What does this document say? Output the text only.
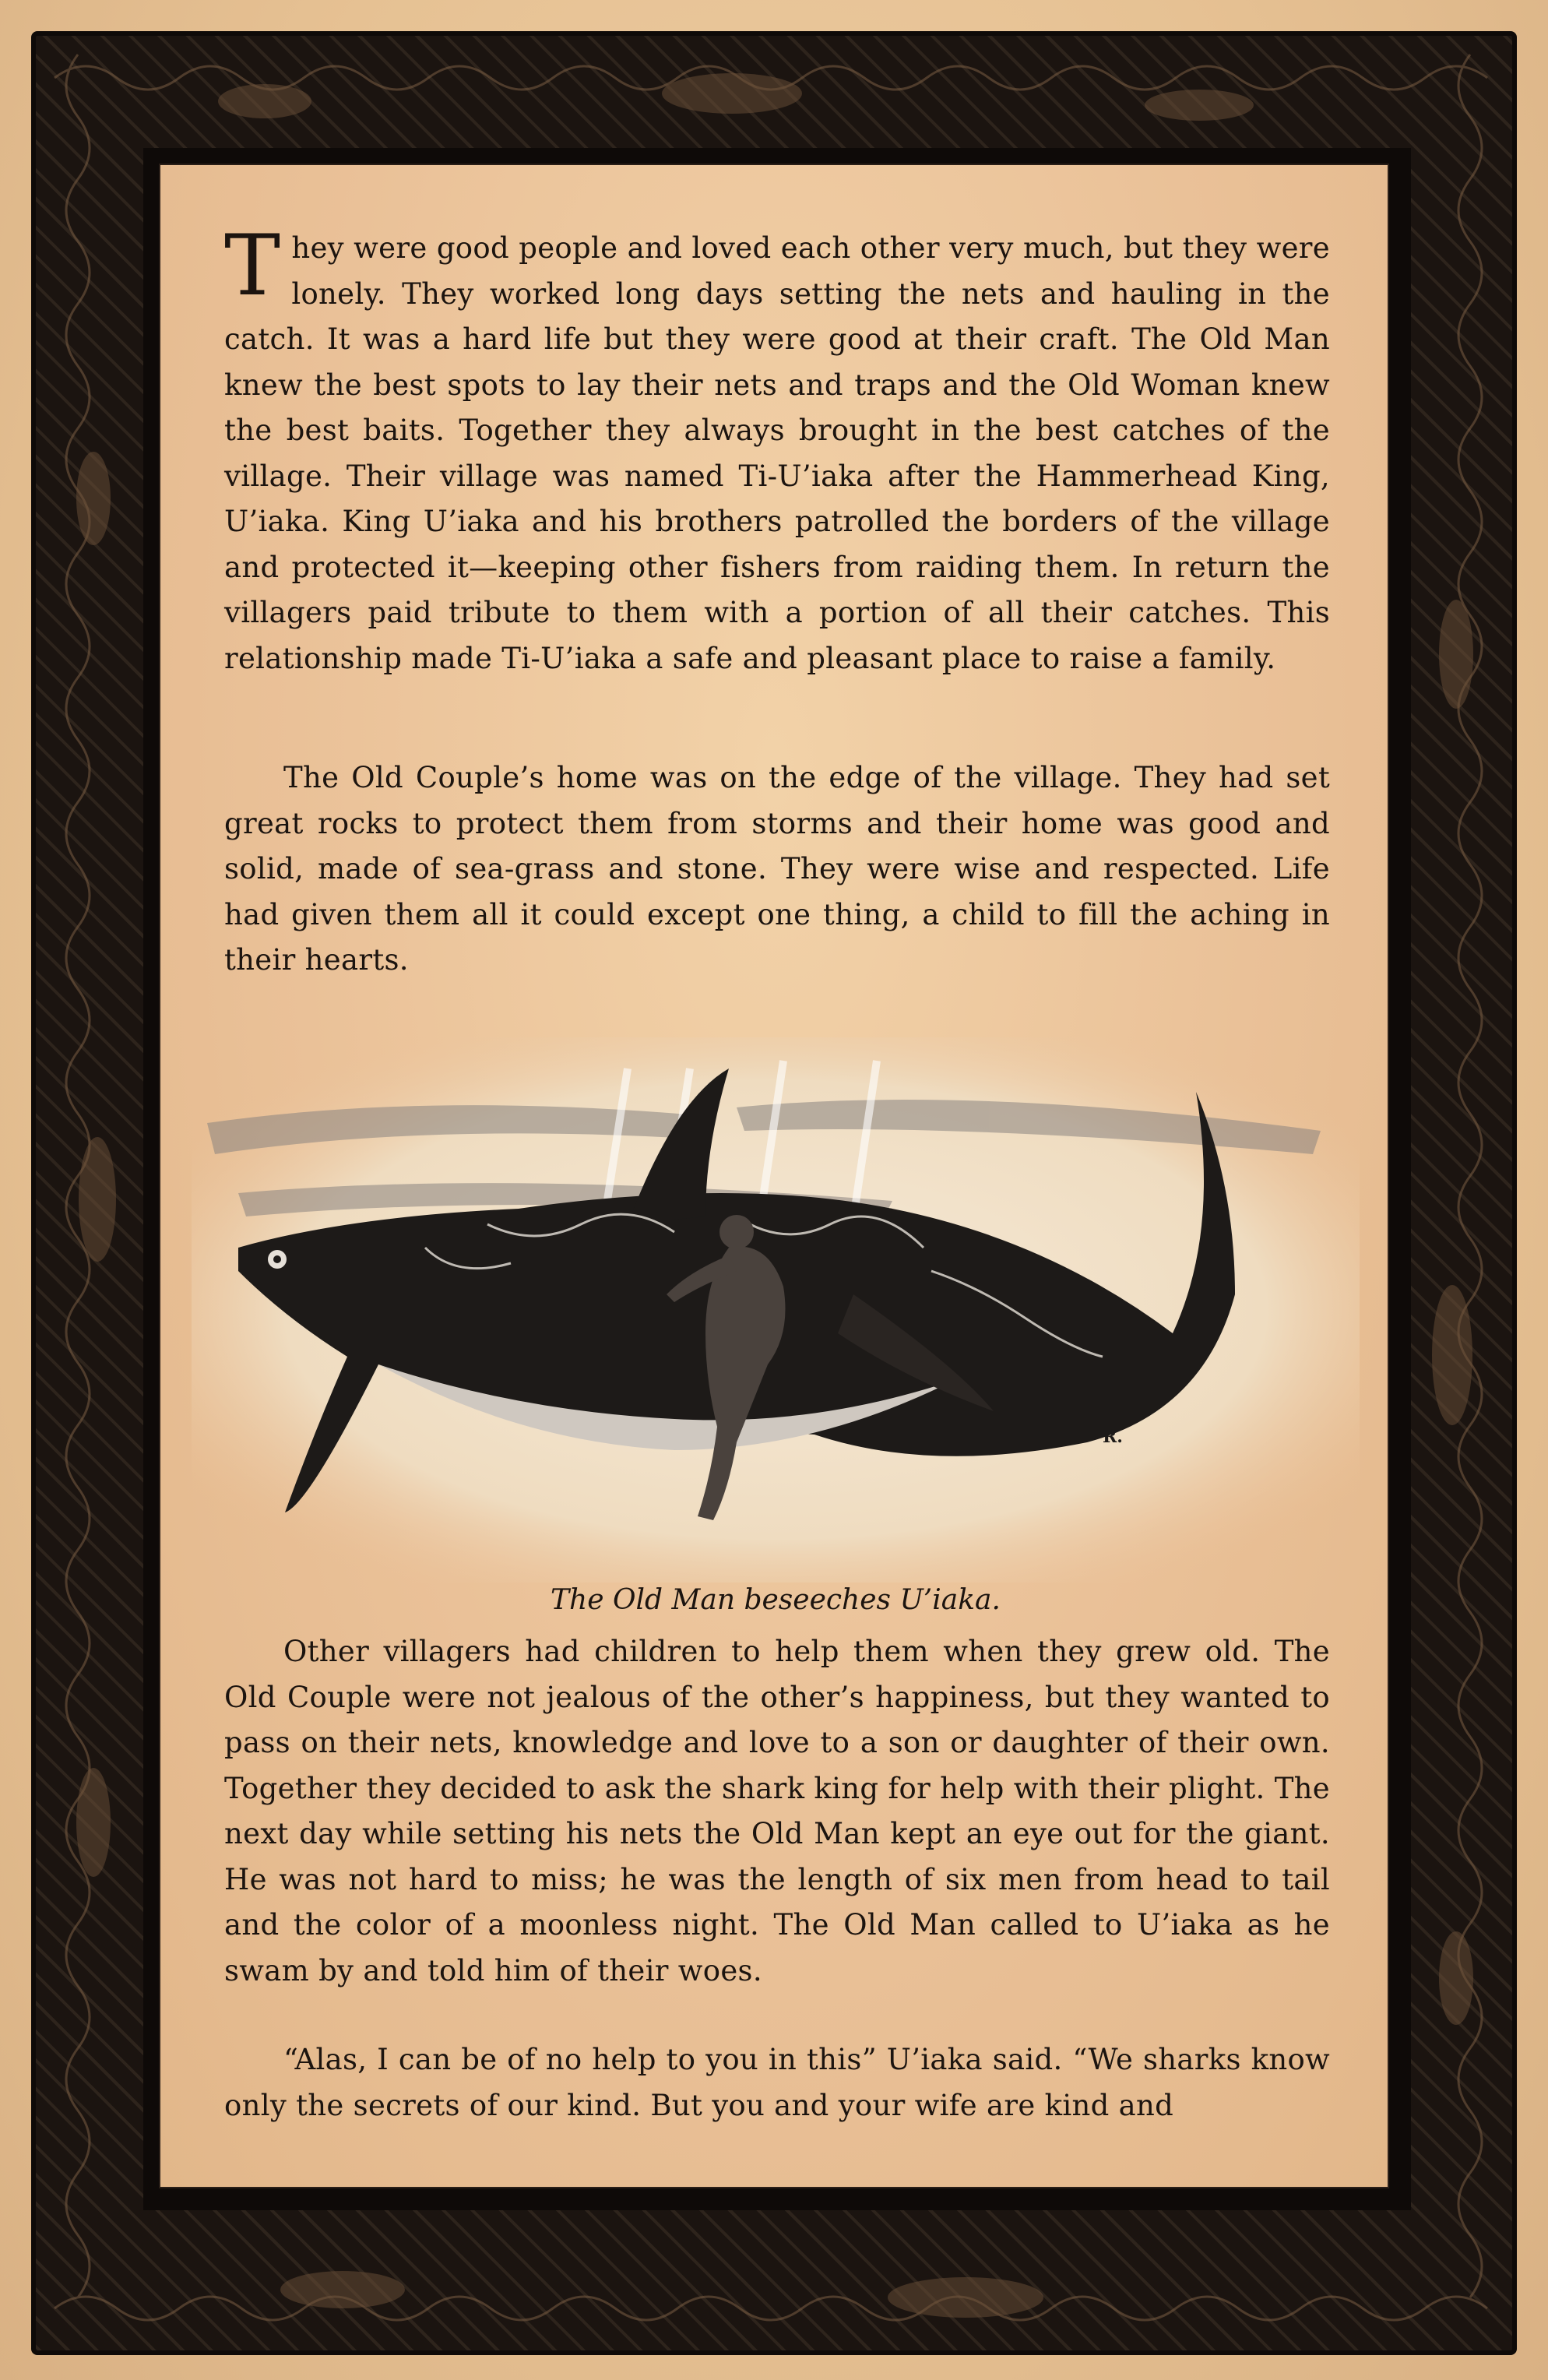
They were good people and loved each other very much, but they were lonely. They worked long days setting the nets and hauling in the catch. It was a hard life but they were good at their craft. The Old Man knew the best spots to lay their nets and traps and the Old Woman knew the best baits. Together they always brought in the best catches of the village. Their village was named Ti-U’iaka after the Hammerhead King, U’iaka. King U’iaka and his brothers patrolled the borders of the village and protected it—keeping other fishers from raiding them. In return the villagers paid tribute to them with a portion of all their catches. This relationship made Ti-U’iaka a safe and pleasant place to raise a family.

The Old Couple’s home was on the edge of the village. They had set great rocks to protect them from storms and their home was good and solid, made of sea-grass and stone. They were wise and respected. Life had given them all it could except one thing, a child to fill the aching in their hearts.

R.
The Old Man beseeches U’iaka.

Other villagers had children to help them when they grew old. The Old Couple were not jealous of the other’s happiness, but they wanted to pass on their nets, knowledge and love to a son or daughter of their own. Together they decided to ask the shark king for help with their plight. The next day while setting his nets the Old Man kept an eye out for the giant. He was not hard to miss; he was the length of six men from head to tail and the color of a moonless night. The Old Man called to U’iaka as he swam by and told him of their woes.

“Alas, I can be of no help to you in this” U’iaka said. “We sharks know only the secrets of our kind. But you and your wife are kind and
